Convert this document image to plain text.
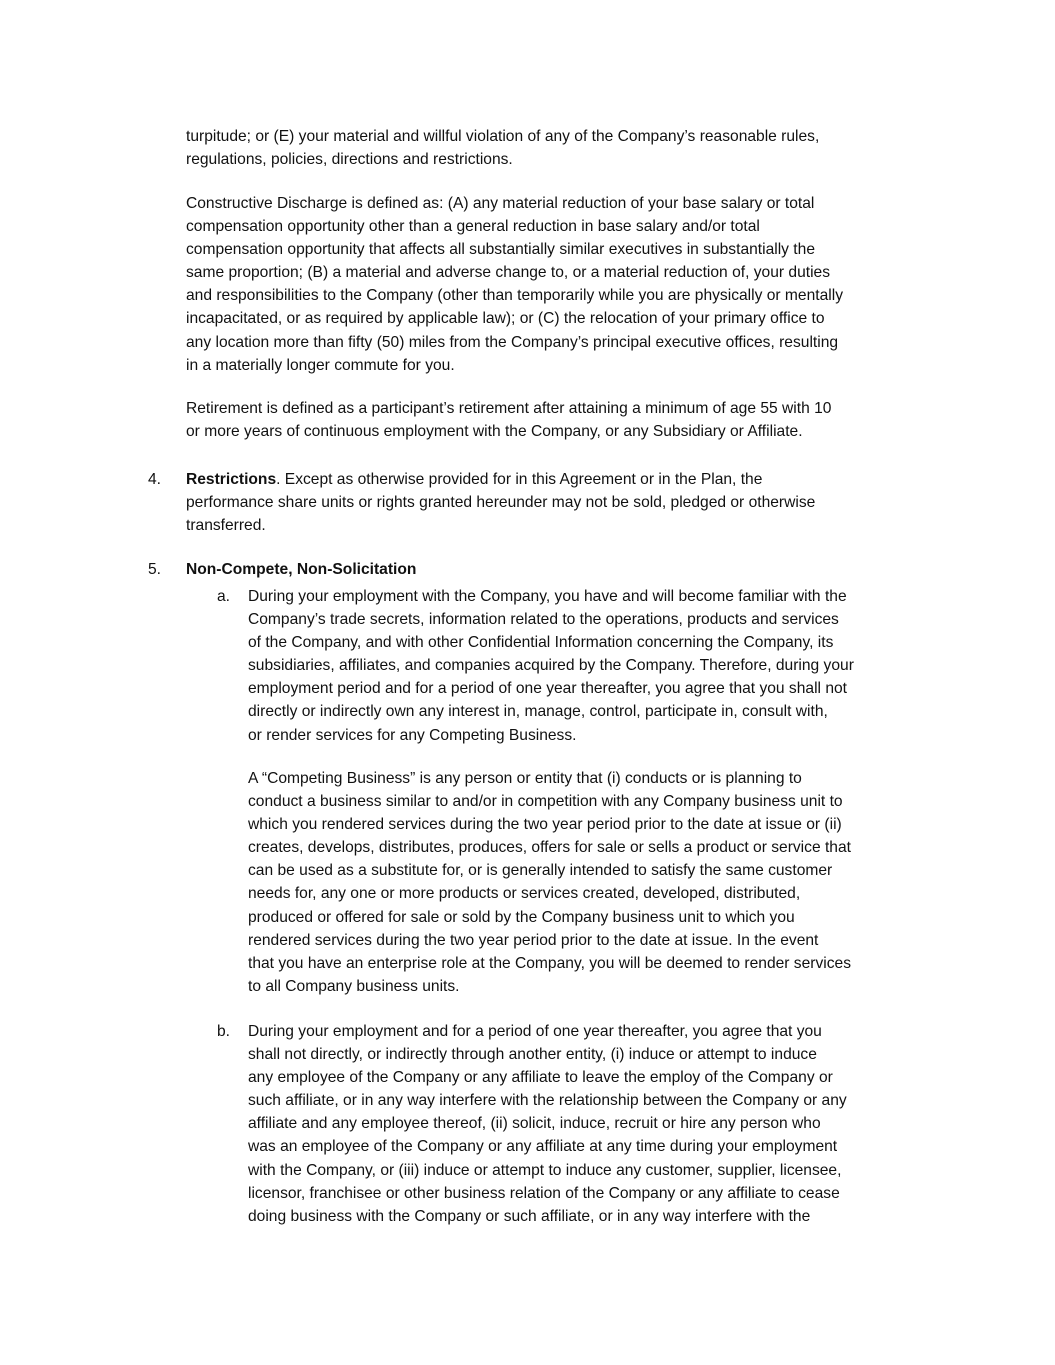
turpitude; or (E) your material and willful violation of any of the Company’s reasonable rules,
regulations, policies, directions and restrictions.
Constructive Discharge is defined as: (A) any material reduction of your base salary or total
compensation opportunity other than a general reduction in base salary and/or total
compensation opportunity that affects all substantially similar executives in substantially the
same proportion; (B) a material and adverse change to, or a material reduction of, your duties
and responsibilities to the Company (other than temporarily while you are physically or mentally
incapacitated, or as required by applicable law); or (C) the relocation of your primary office to
any location more than fifty (50) miles from the Company’s principal executive offices, resulting
in a materially longer commute for you.
Retirement is defined as a participant’s retirement after attaining a minimum of age 55 with 10
or more years of continuous employment with the Company, or any Subsidiary or Affiliate.
4. Restrictions. Except as otherwise provided for in this Agreement or in the Plan, the
performance share units or rights granted hereunder may not be sold, pledged or otherwise
transferred.
5. Non-Compete, Non-Solicitation
a. During your employment with the Company, you have and will become familiar with the
Company’s trade secrets, information related to the operations, products and services
of the Company, and with other Confidential Information concerning the Company, its
subsidiaries, affiliates, and companies acquired by the Company. Therefore, during your
employment period and for a period of one year thereafter, you agree that you shall not
directly or indirectly own any interest in, manage, control, participate in, consult with,
or render services for any Competing Business.
A “Competing Business” is any person or entity that (i) conducts or is planning to
conduct a business similar to and/or in competition with any Company business unit to
which you rendered services during the two year period prior to the date at issue or (ii)
creates, develops, distributes, produces, offers for sale or sells a product or service that
can be used as a substitute for, or is generally intended to satisfy the same customer
needs for, any one or more products or services created, developed, distributed,
produced or offered for sale or sold by the Company business unit to which you
rendered services during the two year period prior to the date at issue. In the event
that you have an enterprise role at the Company, you will be deemed to render services
to all Company business units.
b. During your employment and for a period of one year thereafter, you agree that you
shall not directly, or indirectly through another entity, (i) induce or attempt to induce
any employee of the Company or any affiliate to leave the employ of the Company or
such affiliate, or in any way interfere with the relationship between the Company or any
affiliate and any employee thereof, (ii) solicit, induce, recruit or hire any person who
was an employee of the Company or any affiliate at any time during your employment
with the Company, or (iii) induce or attempt to induce any customer, supplier, licensee,
licensor, franchisee or other business relation of the Company or any affiliate to cease
doing business with the Company or such affiliate, or in any way interfere with the
